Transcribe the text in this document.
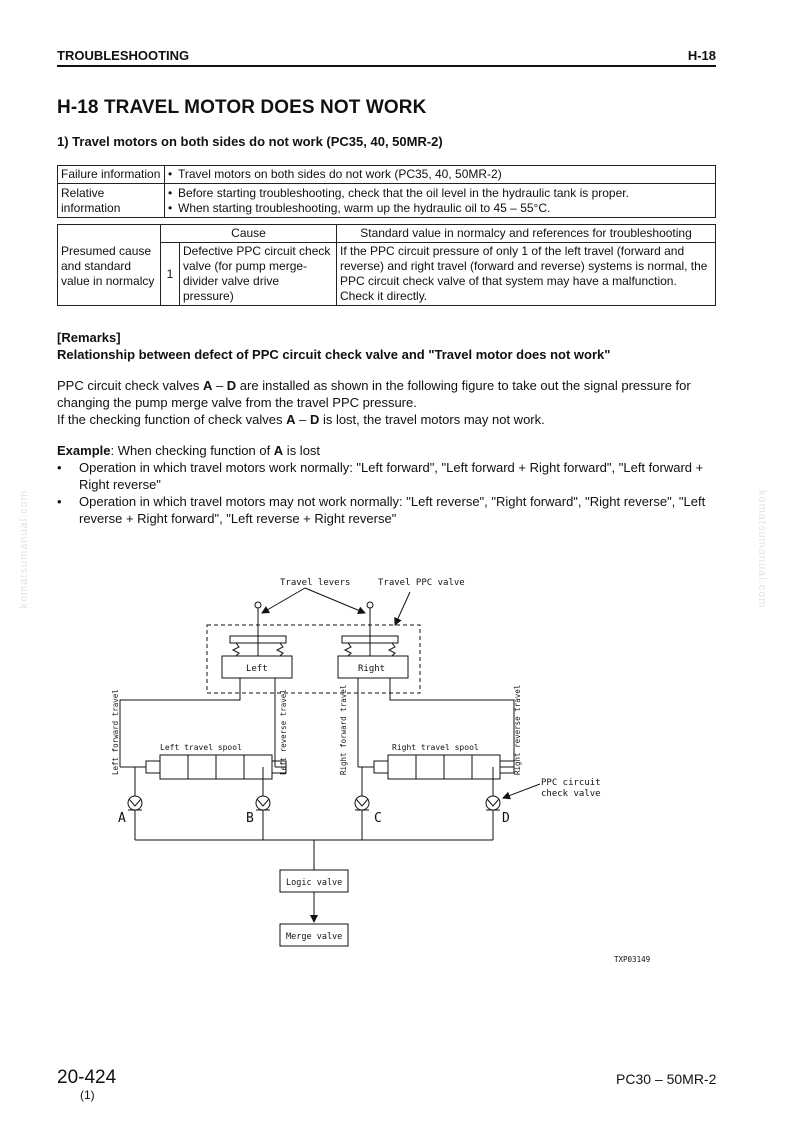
TROUBLESHOOTING	H-18
H-18 TRAVEL MOTOR DOES NOT WORK
1) Travel motors on both sides do not work (PC35, 40, 50MR-2)
Failure information	• Travel motors on both sides do not work (PC35, 40, 50MR-2)
Relative information	• Before starting troubleshooting, check that the oil level in the hydraulic tank is proper.
• When starting troubleshooting, warm up the hydraulic oil to 45 – 55°C.
Presumed cause and standard value in normalcy	Cause		Standard value in normalcy and references for troubleshooting
	1	Defective PPC circuit check valve (for pump merge-divider valve drive pressure)	If the PPC circuit pressure of only 1 of the left travel (forward and reverse) and right travel (forward and reverse) systems is normal, the PPC circuit check valve of that system may have a malfunction. Check it directly.
[Remarks]
Relationship between defect of PPC circuit check valve and "Travel motor does not work"

PPC circuit check valves A – D are installed as shown in the following figure to take out the signal pressure for changing the pump merge valve from the travel PPC pressure.

If the checking function of check valves A – D is lost, the travel motors may not work.

Example: When checking function of A is lost
• Operation in which travel motors work normally: "Left forward", "Left forward + Right forward", "Left forward + Right reverse"
• Operation in which travel motors may not work normally: "Left reverse", "Right forward", "Right reverse", "Left reverse + Right forward", "Left reverse + Right reverse"
Travel levers	Travel PPC valve
Left	Right
Left travel spool	Right travel spool
Left forward travel	Left reverse travel	Right forward travel	Right reverse travel
PPC circuit
check valve
A	B	C	D
Logic valve
Merge valve
TXP03149
20-424
(1)
PC30 – 50MR-2
komatsumanual.com	komatsumanual.com
